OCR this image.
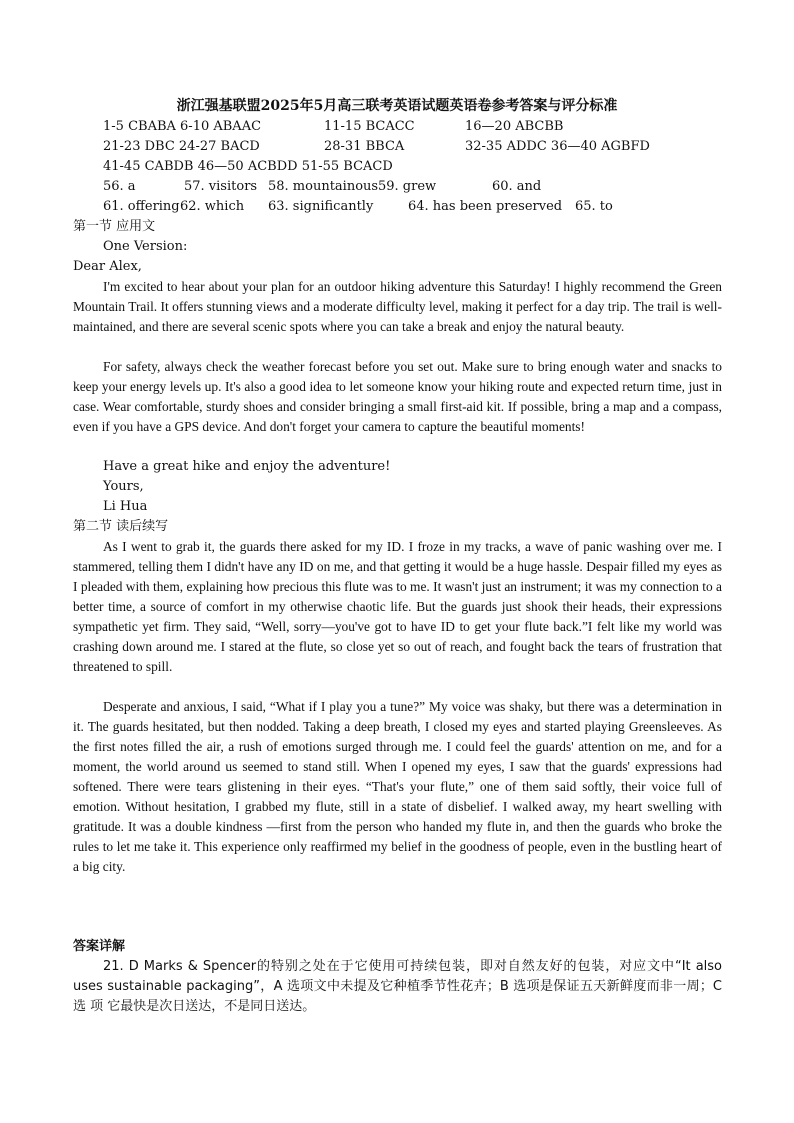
浙江强基联盟2025年5月高三联考英语试题英语卷参考答案与评分标准
1-5 CBABA 6-10 ABAAC	11-15 BCACC	16—20 ABCBB
21-23 DBC 24-27 BACD	28-31 BBCA	32-35 ADDC 36—40 AGBFD
41-45 CABDB 46—50 ACBDD 51-55 BCACD
56. a	57. visitors 58. mountainous 59. grew	60. and
61. offering 62. which 63. significantly	64. has been preserved 65. to
第一节 应用文
One Version:
Dear Alex,

I'm excited to hear about your plan for an outdoor hiking adventure this Saturday! I highly recommend the Green Mountain Trail. It offers stunning views and a moderate difficulty level, making it perfect for a day trip. The trail is well-maintained, and there are several scenic spots where you can take a break and enjoy the natural beauty.

For safety, always check the weather forecast before you set out. Make sure to bring enough water and snacks to keep your energy levels up. It's also a good idea to let someone know your hiking route and expected return time, just in case. Wear comfortable, sturdy shoes and consider bringing a small first-aid kit. If possible, bring a map and a compass, even if you have a GPS device. And don't forget your camera to capture the beautiful moments!

Have a great hike and enjoy the adventure!
Yours,
Li Hua
第二节 读后续写

As I went to grab it, the guards there asked for my ID. I froze in my tracks, a wave of panic washing over me. I stammered, telling them I didn't have any ID on me, and that getting it would be a huge hassle. Despair filled my eyes as I pleaded with them, explaining how precious this flute was to me. It wasn't just an instrument; it was my connection to a better time, a source of comfort in my otherwise chaotic life. But the guards just shook their heads, their expressions sympathetic yet firm. They said, “Well, sorry—you've got to have ID to get your flute back.”I felt like my world was crashing down around me. I stared at the flute, so close yet so out of reach, and fought back the tears of frustration that threatened to spill.

Desperate and anxious, I said, “What if I play you a tune?” My voice was shaky, but there was a determination in it. The guards hesitated, but then nodded. Taking a deep breath, I closed my eyes and started playing Greensleeves. As the first notes filled the air, a rush of emotions surged through me. I could feel the guards' attention on me, and for a moment, the world around us seemed to stand still. When I opened my eyes, I saw that the guards' expressions had softened. There were tears glistening in their eyes. “That's your flute,” one of them said softly, their voice full of emotion. Without hesitation, I grabbed my flute, still in a state of disbelief. I walked away, my heart swelling with gratitude. It was a double kindness —first from the person who handed my flute in, and then the guards who broke the rules to let me take it. This experience only reaffirmed my belief in the goodness of people, even in the bustling heart of a big city.

答案详解

21. D Marks & Spencer的特别之处在于它使用可持续包装，即对自然友好的包装，对应文中“It also uses sustainable packaging”，A 选项文中未提及它种植季节性花卉；B 选项是保证五天新鲜度而非一周；C 选 项 它最快是次日送达，不是同日送达。
